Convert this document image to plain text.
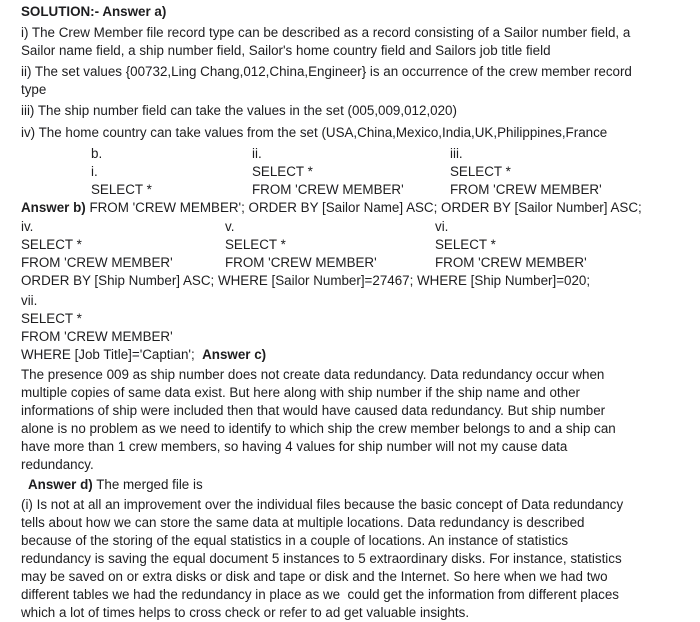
SOLUTION:- Answer a)
i) The Crew Member file record type can be described as a record consisting of a Sailor number field, a
Sailor name field, a ship number field, Sailor's home country field and Sailors job title field
ii) The set values {00732,Ling Chang,012,China,Engineer} is an occurrence of the crew member record
type
iii) The ship number field can take the values in the set (005,009,012,020)
iv) The home country can take values from the set (USA,China,Mexico,India,UK,Philippines,France
b.
i.
SELECT *
ii.
SELECT *
FROM 'CREW MEMBER'
iii.
SELECT *
FROM 'CREW MEMBER'
Answer b) FROM 'CREW MEMBER'; ORDER BY [Sailor Name] ASC; ORDER BY [Sailor Number] ASC;
iv.
SELECT *
FROM 'CREW MEMBER'
v.
SELECT *
FROM 'CREW MEMBER'
vi.
SELECT *
FROM 'CREW MEMBER'
ORDER BY [Ship Number] ASC; WHERE [Sailor Number]=27467; WHERE [Ship Number]=020;
vii.
SELECT *
FROM 'CREW MEMBER'
WHERE [Job Title]='Captian';  Answer c)
The presence 009 as ship number does not create data redundancy. Data redundancy occur when
multiple copies of same data exist. But here along with ship number if the ship name and other
informations of ship were included then that would have caused data redundancy. But ship number
alone is no problem as we need to identify to which ship the crew member belongs to and a ship can
have more than 1 crew members, so having 4 values for ship number will not my cause data
redundancy.
Answer d) The merged file is
(i) Is not at all an improvement over the individual files because the basic concept of Data redundancy
tells about how we can store the same data at multiple locations. Data redundancy is described
because of the storing of the equal statistics in a couple of locations. An instance of statistics
redundancy is saving the equal document 5 instances to 5 extraordinary disks. For instance, statistics
may be saved on or extra disks or disk and tape or disk and the Internet. So here when we had two
different tables we had the redundancy in place as we  could get the information from different places
which a lot of times helps to cross check or refer to ad get valuable insights.
